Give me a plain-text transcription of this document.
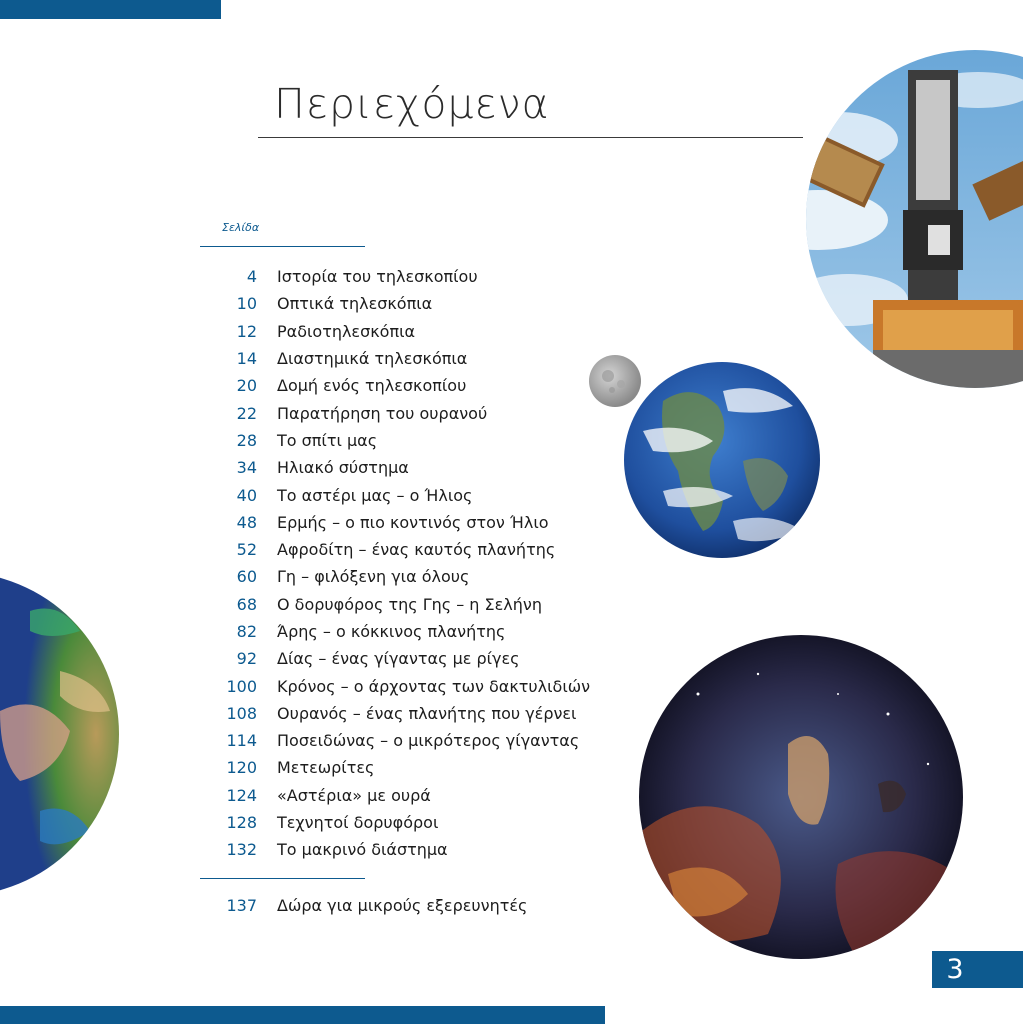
Περιεχόμενα
Σελίδα
4 Ιστορία του τηλεσκοπίου
10 Οπτικά τηλεσκόπια
12 Ραδιοτηλεσκόπια
14 Διαστημικά τηλεσκόπια
20 Δομή ενός τηλεσκοπίου
22 Παρατήρηση του ουρανού
28 Το σπίτι μας
34 Ηλιακό σύστημα
40 Το αστέρι μας – ο Ήλιος
48 Ερμής – ο πιο κοντινός στον Ήλιο
52 Αφροδίτη – ένας καυτός πλανήτης
60 Γη – φιλόξενη για όλους
68 Ο δορυφόρος της Γης – η Σελήνη
82 Άρης – ο κόκκινος πλανήτης
92 Δίας – ένας γίγαντας με ρίγες
100 Κρόνος – ο άρχοντας των δακτυλιδιών
108 Ουρανός – ένας πλανήτης που γέρνει
114 Ποσειδώνας – ο μικρότερος γίγαντας
120 Μετεωρίτες
124 «Αστέρια» με ουρά
128 Τεχνητοί δορυφόροι
132 Το μακρινό διάστημα
137 Δώρα για μικρούς εξερευνητές
3
